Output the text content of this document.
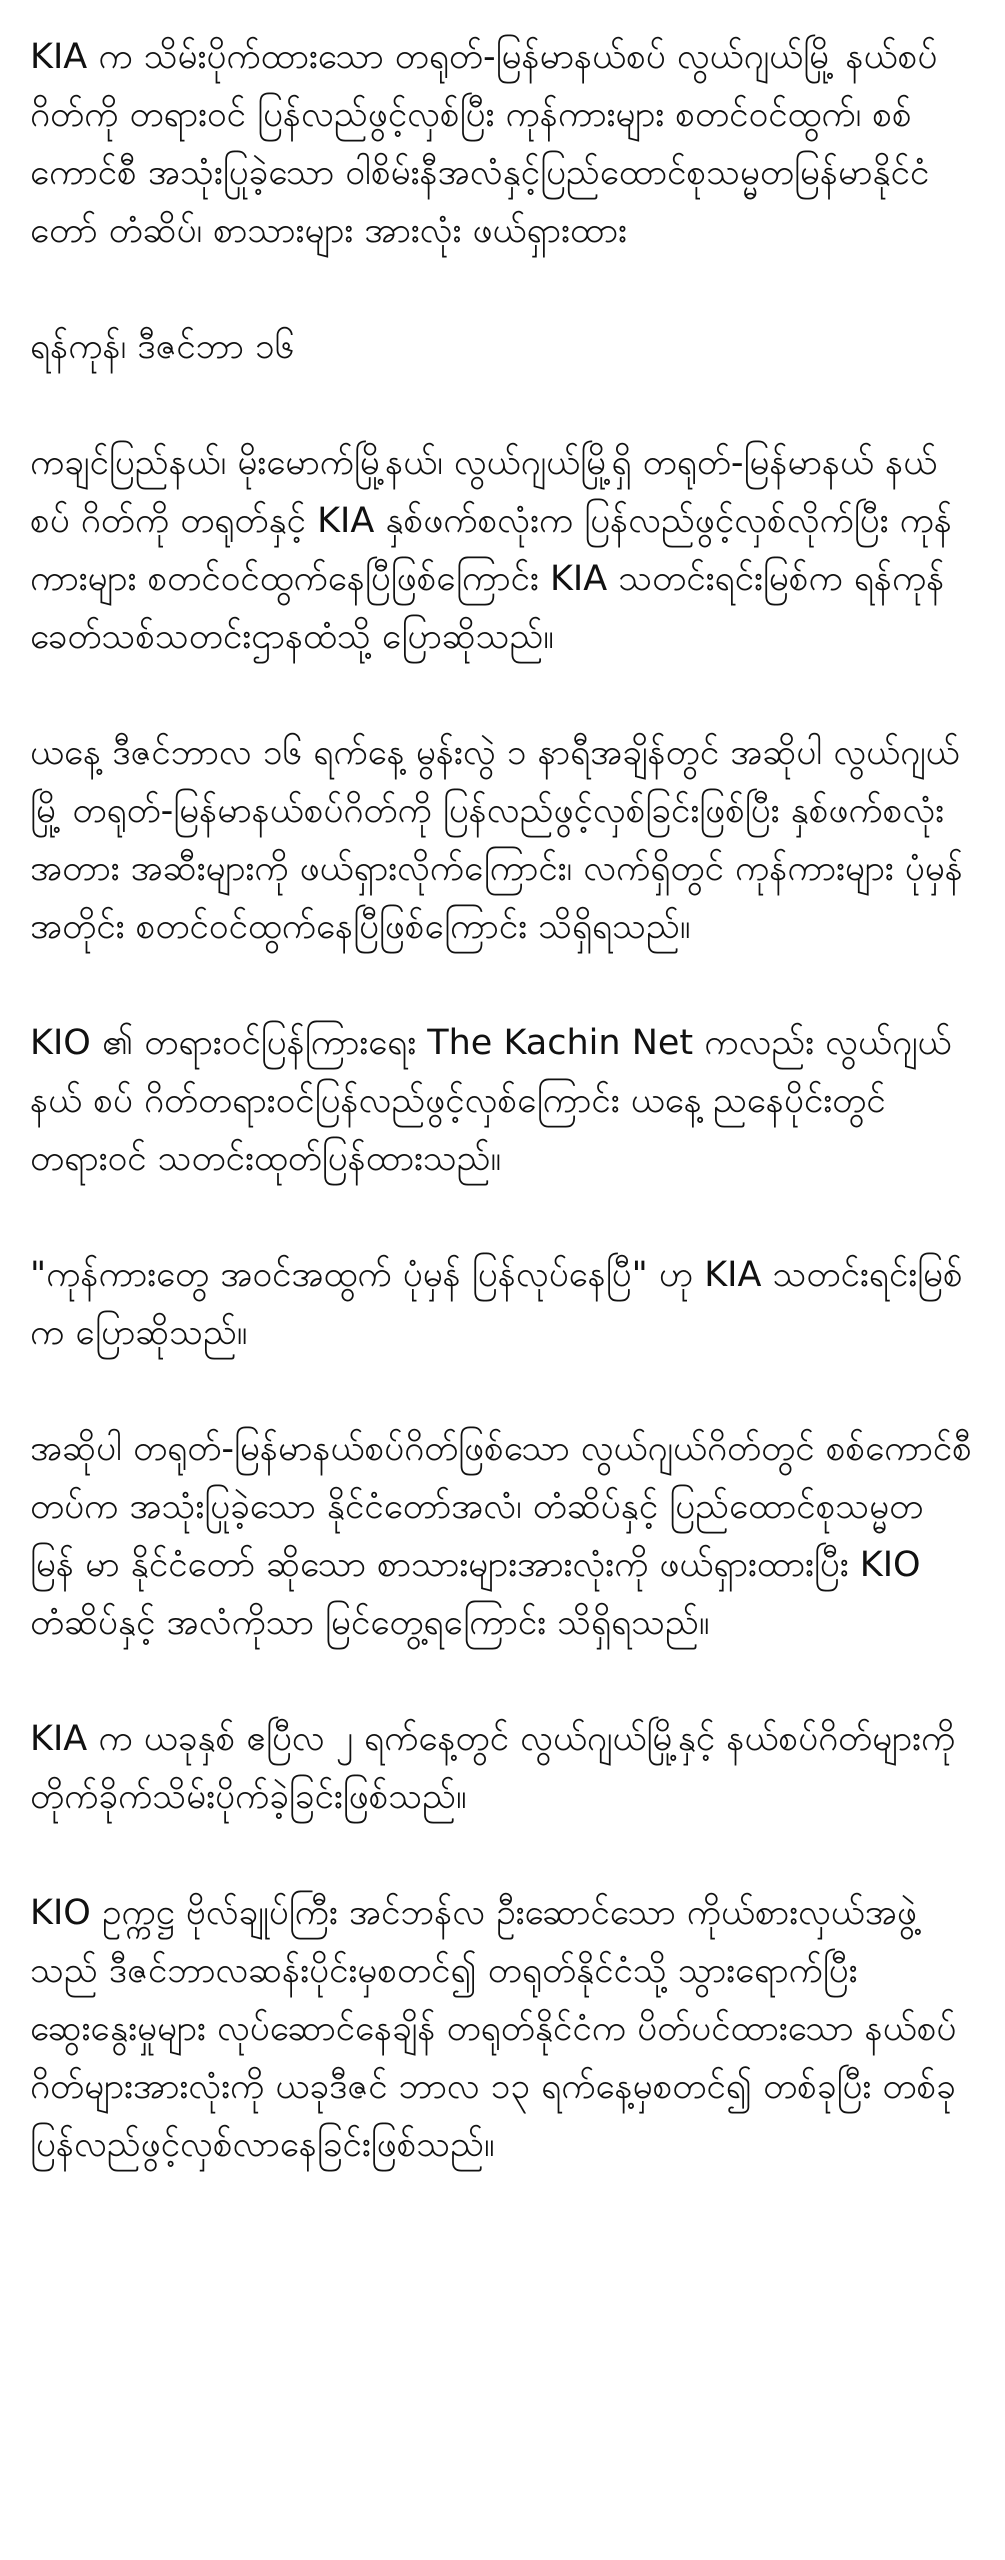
KIA က သိမ်းပိုက်ထားသော တရုတ်-မြန်မာနယ်စပ် လွယ်ဂျယ်မြို့ နယ်စပ်ဂိတ်ကို တရားဝင် ပြန်လည်ဖွင့်လှစ်ပြီး ကုန်ကားများ စတင်ဝင်ထွက်၊ စစ်ကောင်စီ အသုံးပြုခဲ့သော ဝါစိမ်းနီအလံနှင့်ပြည်ထောင်စုသမ္မတမြန်မာနိုင်ငံတော် တံဆိပ်၊ စာသားများ အားလုံး ဖယ်ရှားထား

ရန်ကုန်၊ ဒီဇင်ဘာ ၁၆

ကချင်ပြည်နယ်၊ မိုးမောက်မြို့နယ်၊ လွယ်ဂျယ်မြို့ရှိ တရုတ်-မြန်မာနယ် နယ် စပ် ဂိတ်ကို တရုတ်နှင့် KIA နှစ်ဖက်စလုံးက ပြန်လည်ဖွင့်လှစ်လိုက်ပြီး ကုန် ကားများ စတင်ဝင်ထွက်နေပြီဖြစ်ကြောင်း KIA သတင်းရင်းမြစ်က ရန်ကုန်ခေတ်သစ်သတင်းဌာနထံသို့ ပြောဆိုသည်။

ယနေ့ ဒီဇင်ဘာလ ၁၆ ရက်နေ့ မွန်းလွဲ ၁ နာရီအချိန်တွင် အဆိုပါ လွယ်ဂျယ်မြို့ တရုတ်-မြန်မာနယ်စပ်ဂိတ်ကို ပြန်လည်ဖွင့်လှစ်ခြင်းဖြစ်ပြီး နှစ်ဖက်စလုံး အတား အဆီးများကို ဖယ်ရှားလိုက်ကြောင်း၊ လက်ရှိတွင် ကုန်ကားများ ပုံမှန်အတိုင်း စတင်ဝင်ထွက်နေပြီဖြစ်ကြောင်း သိရှိရသည်။

KIO ၏ တရားဝင်ပြန်ကြားရေး The Kachin Net ကလည်း လွယ်ဂျယ် နယ် စပ် ဂိတ်တရားဝင်ပြန်လည်ဖွင့်လှစ်ကြောင်း ယနေ့ ညနေပိုင်းတွင် တရားဝင် သတင်းထုတ်ပြန်ထားသည်။

"ကုန်ကားတွေ အဝင်အထွက် ပုံမှန် ပြန်လုပ်နေပြီ" ဟု KIA သတင်းရင်းမြစ်က ပြောဆိုသည်။

အဆိုပါ တရုတ်-မြန်မာနယ်စပ်ဂိတ်ဖြစ်သော လွယ်ဂျယ်ဂိတ်တွင် စစ်ကောင်စီတပ်က အသုံးပြုခဲ့သော နိုင်ငံတော်အလံ၊ တံဆိပ်နှင့် ပြည်ထောင်စုသမ္မတ မြန် မာ နိုင်ငံတော် ဆိုသော စာသားများအားလုံးကို ဖယ်ရှားထားပြီး KIO တံဆိပ်နှင့် အလံကိုသာ မြင်တွေ့ရကြောင်း သိရှိရသည်။

KIA က ယခုနှစ် ဧပြီလ ၂ ရက်နေ့တွင် လွယ်ဂျယ်မြို့နှင့် နယ်စပ်ဂိတ်များကို တိုက်ခိုက်သိမ်းပိုက်ခဲ့ခြင်းဖြစ်သည်။

KIO ဥက္ကဋ္ဌ ဗိုလ်ချုပ်ကြီး အင်ဘန်လ ဦးဆောင်သော ကိုယ်စားလှယ်အဖွဲ့သည် ဒီဇင်ဘာလဆန်းပိုင်းမှစတင်၍ တရုတ်နိုင်ငံသို့ သွားရောက်ပြီး ဆွေးနွေးမှုများ လုပ်ဆောင်နေချိန် တရုတ်နိုင်ငံက ပိတ်ပင်ထားသော နယ်စပ်ဂိတ်များအားလုံးကို ယခုဒီဇင် ဘာလ ၁၃ ရက်နေ့မှစတင်၍ တစ်ခုပြီး တစ်ခု ပြန်လည်ဖွင့်လှစ်လာနေခြင်းဖြစ်သည်။
